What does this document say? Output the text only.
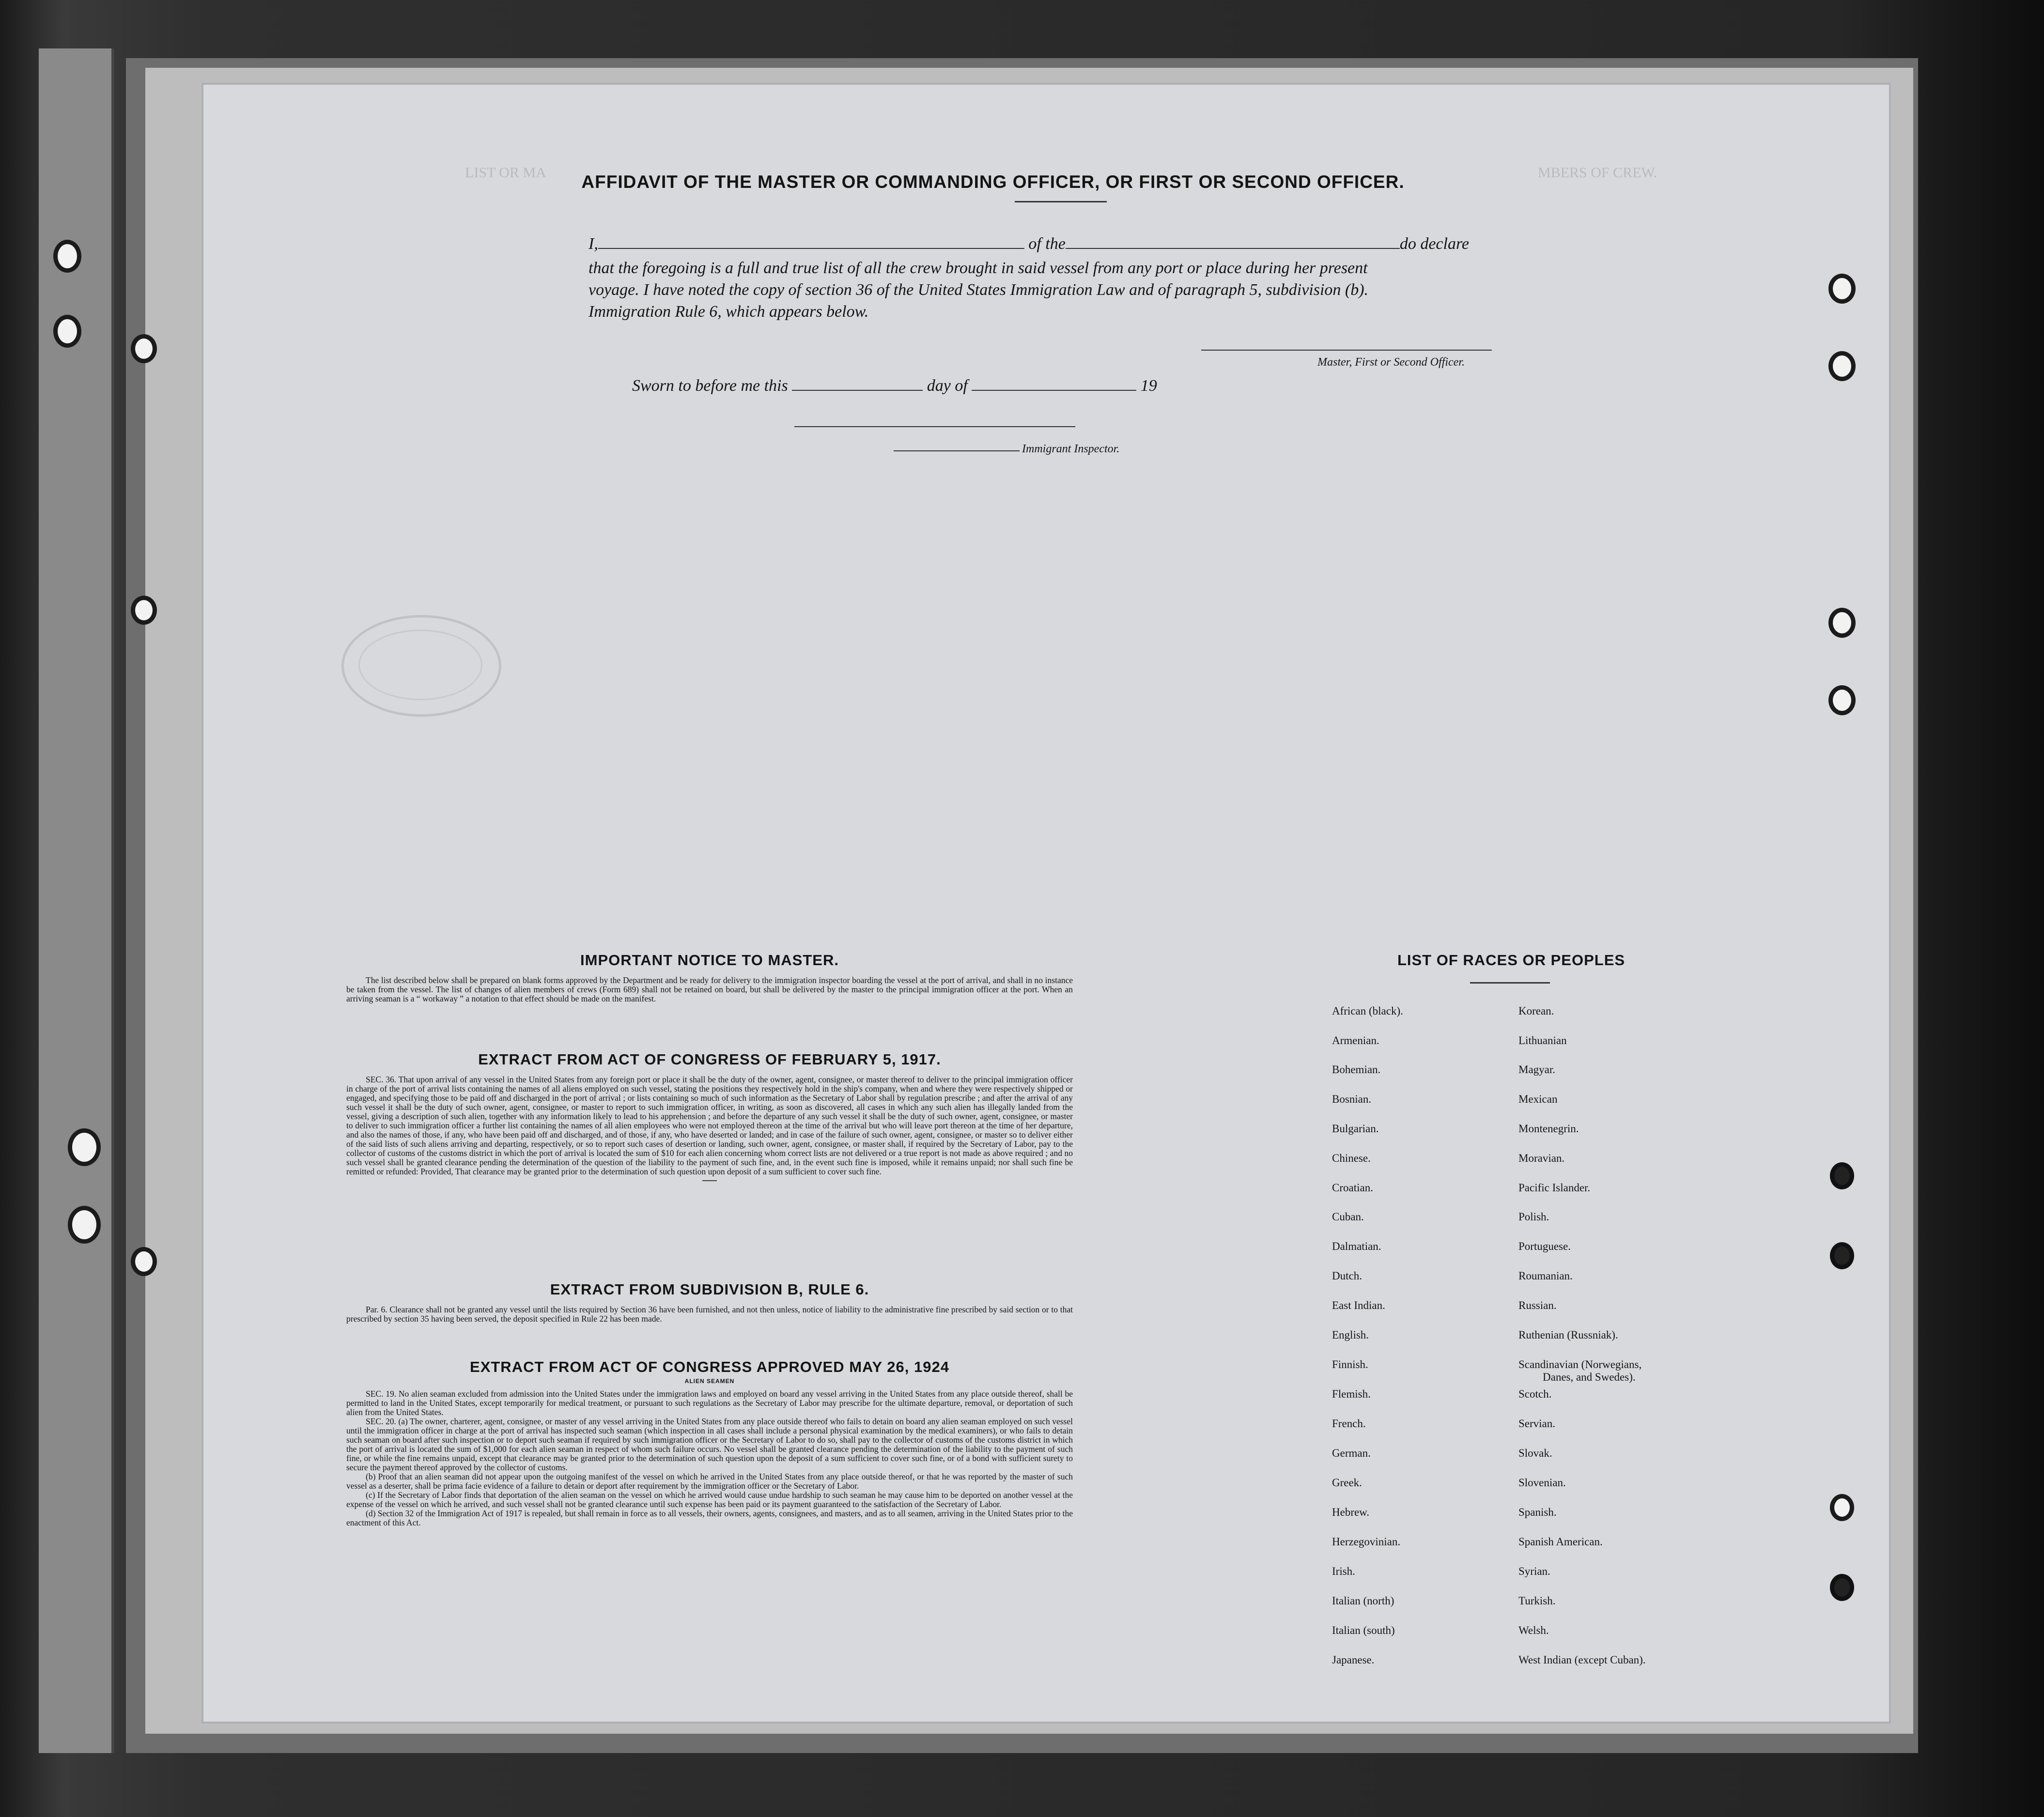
LIST OR MA	MBERS OF CREW.
AFFIDAVIT OF THE MASTER OR COMMANDING OFFICER, OR FIRST OR SECOND OFFICER.
I,	of the	do declare
that the foregoing is a full and true list of all the crew brought in said vessel from any port or place during her present
voyage. I have noted the copy of section 36 of the United States Immigration Law and of paragraph 5, subdivision (b).
Immigration Rule 6, which appears below.
Master, First or Second Officer.
Sworn to before me this	day of	19
Immigrant Inspector.
IMPORTANT NOTICE TO MASTER.

The list described below shall be prepared on blank forms approved by the Department and be ready for delivery to the immigration inspector boarding the vessel at the port of arrival, and shall in no instance be taken from the vessel. The list of changes of alien members of crews (Form 689) shall not be retained on board, but shall be delivered by the master to the principal immigration officer at the port. When an arriving seaman is a “ workaway ” a notation to that effect should be made on the manifest.

EXTRACT FROM ACT OF CONGRESS OF FEBRUARY 5, 1917.

SEC. 36. That upon arrival of any vessel in the United States from any foreign port or place it shall be the duty of the owner, agent, consignee, or master thereof to deliver to the principal immigration officer in charge of the port of arrival lists containing the names of all aliens employed on such vessel, stating the positions they respectively hold in the ship's company, when and where they were respectively shipped or engaged, and specifying those to be paid off and discharged in the port of arrival ; or lists containing so much of such information as the Secretary of Labor shall by regulation prescribe ; and after the arrival of any such vessel it shall be the duty of such owner, agent, consignee, or master to report to such immigration officer, in writing, as soon as discovered, all cases in which any such alien has illegally landed from the vessel, giving a description of such alien, together with any information likely to lead to his apprehension ; and before the departure of any such vessel it shall be the duty of such owner, agent, consignee, or master to deliver to such immigration officer a further list containing the names of all alien employees who were not employed thereon at the time of the arrival but who will leave port thereon at the time of her departure, and also the names of those, if any, who have been paid off and discharged, and of those, if any, who have deserted or landed; and in case of the failure of such owner, agent, consignee, or master so to deliver either of the said lists of such aliens arriving and departing, respectively, or so to report such cases of desertion or landing, such owner, agent, consignee, or master shall, if required by the Secretary of Labor, pay to the collector of customs of the customs district in which the port of arrival is located the sum of $10 for each alien concerning whom correct lists are not delivered or a true report is not made as above required ; and no such vessel shall be granted clearance pending the determination of the question of the liability to the payment of such fine, and, in the event such fine is imposed, while it remains unpaid; nor shall such fine be remitted or refunded: Provided, That clearance may be granted prior to the determination of such question upon deposit of a sum sufficient to cover such fine.

EXTRACT FROM SUBDIVISION B, RULE 6.

Par. 6. Clearance shall not be granted any vessel until the lists required by Section 36 have been furnished, and not then unless, notice of liability to the administrative fine prescribed by said section or to that prescribed by section 35 having been served, the deposit specified in Rule 22 has been made.

EXTRACT FROM ACT OF CONGRESS APPROVED MAY 26, 1924
ALIEN SEAMEN

SEC. 19. No alien seaman excluded from admission into the United States under the immigration laws and employed on board any vessel arriving in the United States from any place outside thereof, shall be permitted to land in the United States, except temporarily for medical treatment, or pursuant to such regulations as the Secretary of Labor may prescribe for the ultimate departure, removal, or deportation of such alien from the United States.

SEC. 20. (a) The owner, charterer, agent, consignee, or master of any vessel arriving in the United States from any place outside thereof who fails to detain on board any alien seaman employed on such vessel until the immigration officer in charge at the port of arrival has inspected such seaman (which inspection in all cases shall include a personal physical examination by the medical examiners), or who fails to detain such seaman on board after such inspection or to deport such seaman if required by such immigration officer or the Secretary of Labor to do so, shall pay to the collector of customs of the customs district in which the port of arrival is located the sum of $1,000 for each alien seaman in respect of whom such failure occurs. No vessel shall be granted clearance pending the determination of the liability to the payment of such fine, or while the fine remains unpaid, except that clearance may be granted prior to the determination of such question upon the deposit of a sum sufficient to cover such fine, or of a bond with sufficient surety to secure the payment thereof approved by the collector of customs.

(b) Proof that an alien seaman did not appear upon the outgoing manifest of the vessel on which he arrived in the United States from any place outside thereof, or that he was reported by the master of such vessel as a deserter, shall be prima facie evidence of a failure to detain or deport after requirement by the immigration officer or the Secretary of Labor.

(c) If the Secretary of Labor finds that deportation of the alien seaman on the vessel on which he arrived would cause undue hardship to such seaman he may cause him to be deported on another vessel at the expense of the vessel on which he arrived, and such vessel shall not be granted clearance until such expense has been paid or its payment guaranteed to the satisfaction of the Secretary of Labor.

(d) Section 32 of the Immigration Act of 1917 is repealed, but shall remain in force as to all vessels, their owners, agents, consignees, and masters, and as to all seamen, arriving in the United States prior to the enactment of this Act.

LIST OF RACES OR PEOPLES
African (black).
Armenian.
Bohemian.
Bosnian.
Bulgarian.
Chinese.
Croatian.
Cuban.
Dalmatian.
Dutch.
East Indian.
English.
Finnish.
Flemish.
French.
German.
Greek.
Hebrew.
Herzegovinian.
Irish.
Italian (north)
Italian (south)
Japanese.
Korean.
Lithuanian
Magyar.
Mexican
Montenegrin.
Moravian.
Pacific Islander.
Polish.
Portuguese.
Roumanian.
Russian.
Ruthenian (Russniak).
Scandinavian (Norwegians,
Danes, and Swedes).
Scotch.
Servian.
Slovak.
Slovenian.
Spanish.
Spanish American.
Syrian.
Turkish.
Welsh.
West Indian (except Cuban).
